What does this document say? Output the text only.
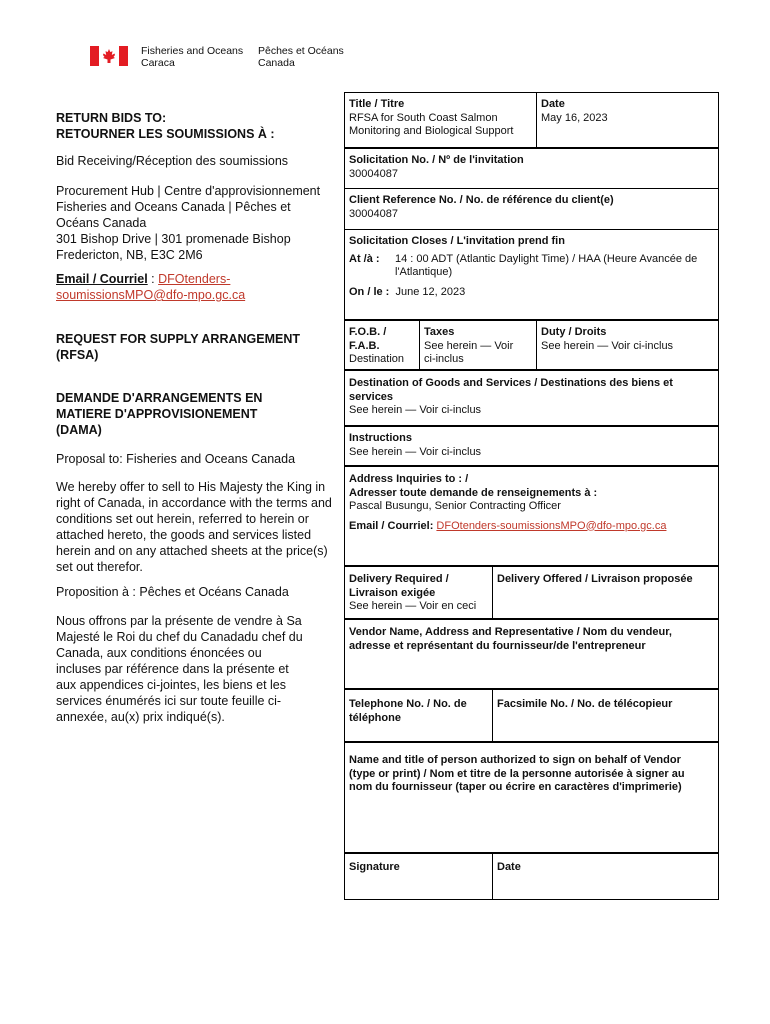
Fisheries and Oceans
Caraca
Pêches et Océans
Canada
RETURN BIDS TO:
RETOURNER LES SOUMISSIONS À :
Bid Receiving/Réception des soumissions
Procurement Hub | Centre d'approvisionnement
Fisheries and Oceans Canada | Pêches et
Océans Canada
301 Bishop Drive | 301 promenade Bishop
Fredericton, NB, E3C 2M6
Email / Courriel : DFOtenders-
soumissionsMPO@dfo-mpo.gc.ca
REQUEST FOR SUPPLY ARRANGEMENT
(RFSA)
DEMANDE D'ARRANGEMENTS EN
MATIERE D'APPROVISIONEMENT
(DAMA)
Proposal to: Fisheries and Oceans Canada
We hereby offer to sell to His Majesty the King in
right of Canada, in accordance with the terms and
conditions set out herein, referred to herein or
attached hereto, the goods and services listed
herein and on any attached sheets at the price(s)
set out therefor.
Proposition à : Pêches et Océans Canada
Nous offrons par la présente de vendre à Sa
Majesté le Roi du chef du Canadadu chef du
Canada, aux conditions énoncées ou
incluses par référence dans la présente et
aux appendices ci-jointes, les biens et les
services énumérés ici sur toute feuille ci-
annexée, au(x) prix indiqué(s).
Title / Titre
RFSA for South Coast Salmon
Monitoring and Biological Support
Date
May 16, 2023
Solicitation No. / Nº de l'invitation
30004087
Client Reference No. / No. de référence du client(e)
30004087
Solicitation Closes / L'invitation prend fin
At /à :	14 : 00 ADT (Atlantic Daylight Time) / HAA (Heure Avancée de
l'Atlantique)
On / le : June 12, 2023
F.O.B. /
F.A.B.
Destination
Taxes
See herein — Voir
ci-inclus
Duty / Droits
See herein — Voir ci-inclus
Destination of Goods and Services / Destinations des biens et
services
See herein — Voir ci-inclus
Instructions
See herein — Voir ci-inclus
Address Inquiries to : /
Adresser toute demande de renseignements à :
Pascal Busungu, Senior Contracting Officer
Email / Courriel: DFOtenders-soumissionsMPO@dfo-mpo.gc.ca
Delivery Required /
Livraison exigée
See herein — Voir en ceci
Delivery Offered / Livraison proposée
Vendor Name, Address and Representative / Nom du vendeur,
adresse et représentant du fournisseur/de l'entrepreneur
Telephone No. / No. de
téléphone
Facsimile No. / No. de télécopieur
Name and title of person authorized to sign on behalf of Vendor
(type or print) / Nom et titre de la personne autorisée à signer au
nom du fournisseur (taper ou écrire en caractères d'imprimerie)
Signature	Date
